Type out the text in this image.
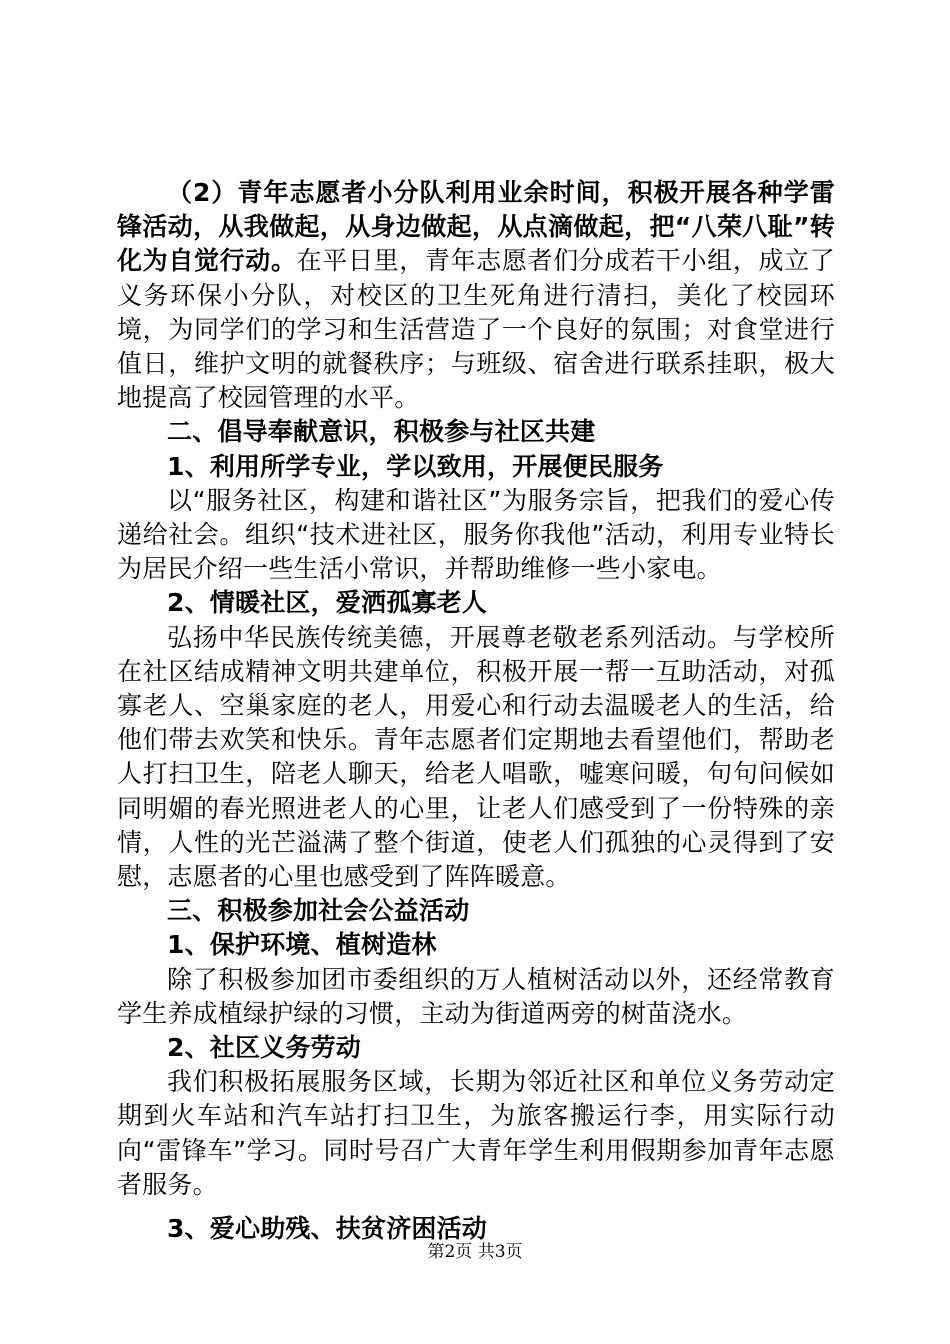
（2）青年志愿者小分队利用业余时间，积极开展各种学雷锋活动，从我做起，从身边做起，从点滴做起，把“八荣八耻”转化为自觉行动。在平日里，青年志愿者们分成若干小组，成立了义务环保小分队，对校区的卫生死角进行清扫，美化了校园环境，为同学们的学习和生活营造了一个良好的氛围；对食堂进行值日，维护文明的就餐秩序；与班级、宿舍进行联系挂职，极大地提高了校园管理的水平。

二、倡导奉献意识，积极参与社区共建

1、利用所学专业，学以致用，开展便民服务

以“服务社区，构建和谐社区”为服务宗旨，把我们的爱心传递给社会。组织“技术进社区，服务你我他”活动，利用专业特长为居民介绍一些生活小常识，并帮助维修一些小家电。

2、情暖社区，爱洒孤寡老人

弘扬中华民族传统美德，开展尊老敬老系列活动。与学校所在社区结成精神文明共建单位，积极开展一帮一互助活动，对孤寡老人、空巢家庭的老人，用爱心和行动去温暖老人的生活，给他们带去欢笑和快乐。青年志愿者们定期地去看望他们，帮助老人打扫卫生，陪老人聊天，给老人唱歌，嘘寒问暖，句句问候如同明媚的春光照进老人的心里，让老人们感受到了一份特殊的亲情，人性的光芒溢满了整个街道，使老人们孤独的心灵得到了安慰，志愿者的心里也感受到了阵阵暖意。

三、积极参加社会公益活动

1、保护环境、植树造林

除了积极参加团市委组织的万人植树活动以外，还经常教育学生养成植绿护绿的习惯，主动为街道两旁的树苗浇水。

2、社区义务劳动

我们积极拓展服务区域，长期为邻近社区和单位义务劳动定期到火车站和汽车站打扫卫生，为旅客搬运行李，用实际行动向“雷锋车”学习。同时号召广大青年学生利用假期参加青年志愿者服务。

3、爱心助残、扶贫济困活动

第2页 共3页
